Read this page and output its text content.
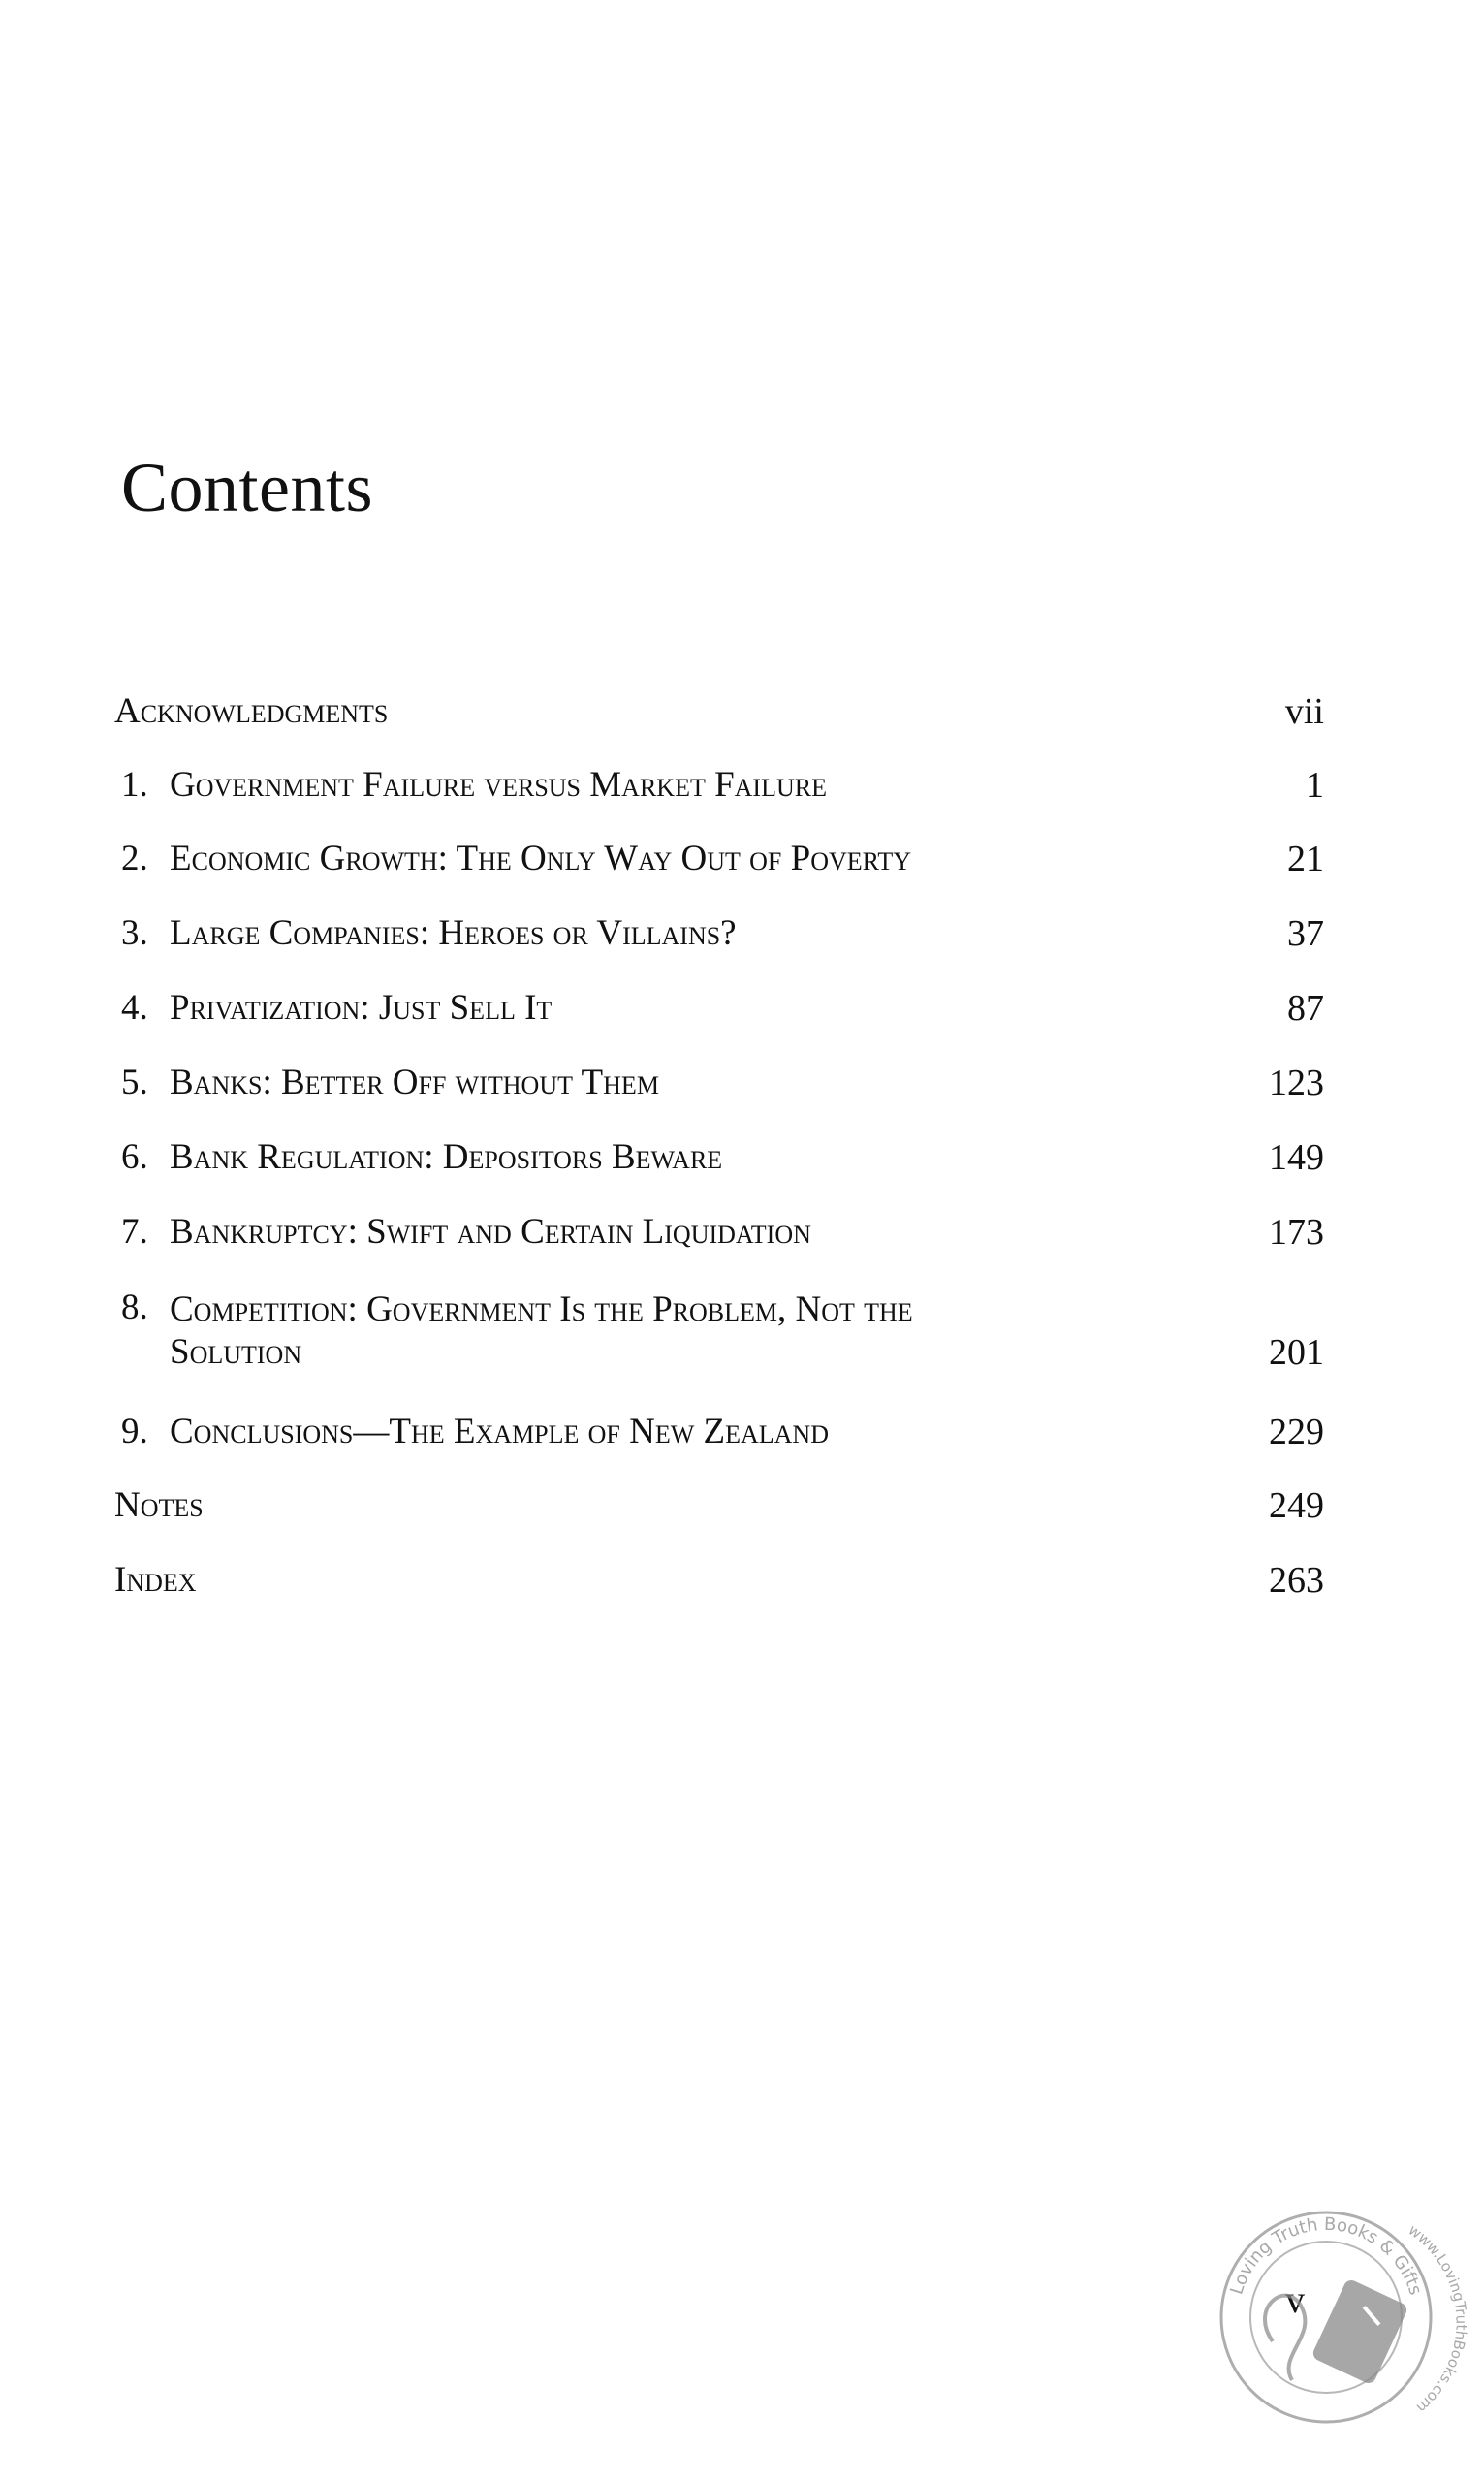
Contents
Acknowledgments	vii
1. Government Failure versus Market Failure	1
2. Economic Growth: The Only Way Out of Poverty	21
3. Large Companies: Heroes or Villains?	37
4. Privatization: Just Sell It	87
5. Banks: Better Off without Them	123
6. Bank Regulation: Depositors Beware	149
7. Bankruptcy: Swift and Certain Liquidation	173
8. Competition: Government Is the Problem, Not the
Solution	201
9. Conclusions—The Example of New Zealand	229
Notes	249
Index	263
v
Loving Truth Books & Gifts
www.LovingTruthBooks.com
